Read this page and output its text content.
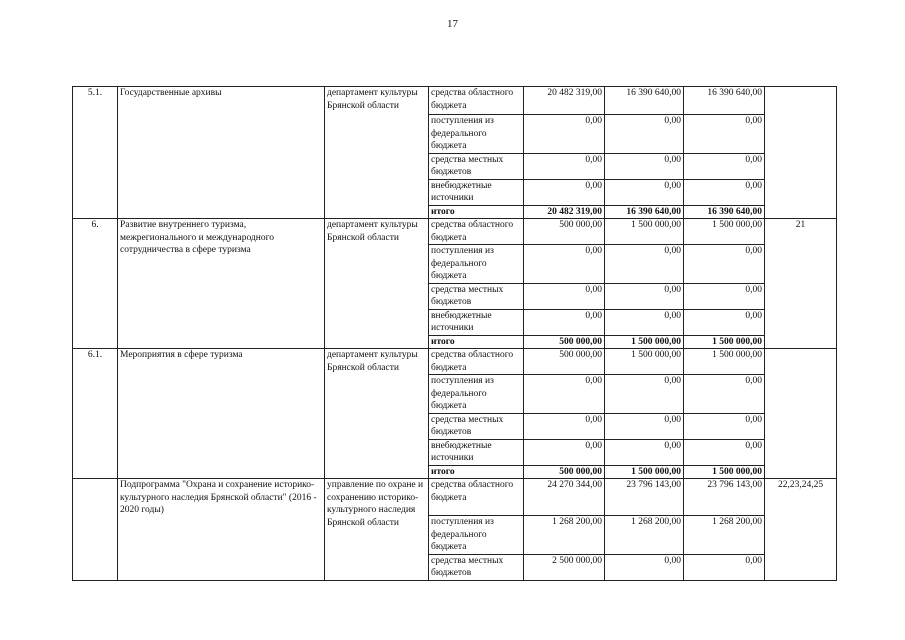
17
5.1.	Государственные архивы	департамент культуры Брянской области	средства областного бюджета	20 482 319,00	16 390 640,00	16 390 640,00	
			поступления из федерального бюджета	0,00	0,00	0,00	
			средства местных бюджетов	0,00	0,00	0,00	
			внебюджетные источники	0,00	0,00	0,00	
			итого	20 482 319,00	16 390 640,00	16 390 640,00	
6.	Развитие внутреннего туризма, межрегионального и международного сотрудничества в сфере туризма	департамент культуры Брянской области	средства областного бюджета	500 000,00	1 500 000,00	1 500 000,00	21
			поступления из федерального бюджета	0,00	0,00	0,00	
			средства местных бюджетов	0,00	0,00	0,00	
			внебюджетные источники	0,00	0,00	0,00	
			итого	500 000,00	1 500 000,00	1 500 000,00	
6.1.	Мероприятия в сфере туризма	департамент культуры Брянской области	средства областного бюджета	500 000,00	1 500 000,00	1 500 000,00	
			поступления из федерального бюджета	0,00	0,00	0,00	
			средства местных бюджетов	0,00	0,00	0,00	
			внебюджетные источники	0,00	0,00	0,00	
			итого	500 000,00	1 500 000,00	1 500 000,00	
	Подпрограмма "Охрана и сохранение историко-культурного наследия Брянской области" (2016 - 2020 годы)	управление по охране и сохранению историко-культурного наследия Брянской области	средства областного бюджета	24 270 344,00	23 796 143,00	23 796 143,00	22,23,24,25
			поступления из федерального бюджета	1 268 200,00	1 268 200,00	1 268 200,00	
			средства местных бюджетов	2 500 000,00	0,00	0,00	
